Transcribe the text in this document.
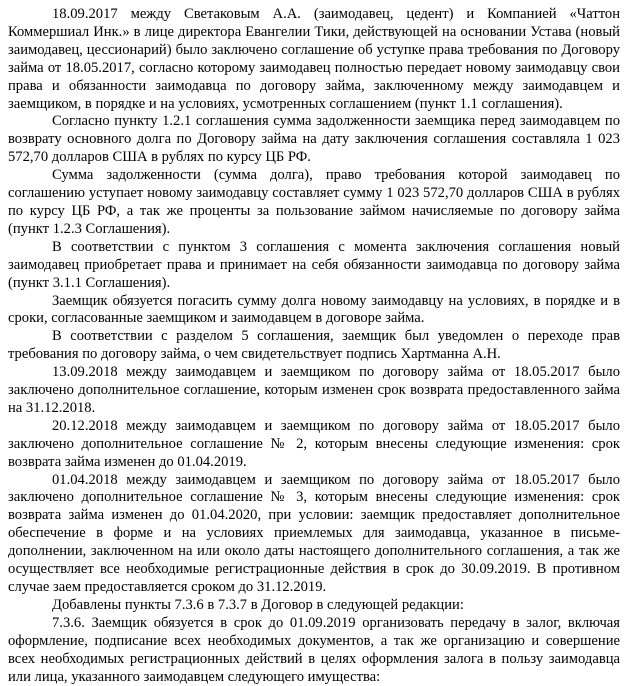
18.09.2017 между Светаковым А.А. (заимодавец, цедент) и Компанией «Чаттон Коммершиал Инк.» в лице директора Евангелии Тики, действующей на основании Устава (новый заимодавец, цессионарий) было заключено соглашение об уступке права требования по Договору займа от 18.05.2017, согласно которому заимодавец полностью передает новому заимодавцу свои права и обязанности заимодавца по договору займа, заключенному между заимодавцем и заемщиком, в порядке и на условиях, усмотренных соглашением (пункт 1.1 соглашения).

Согласно пункту 1.2.1 соглашения сумма задолженности заемщика перед заимодавцем по возврату основного долга по Договору займа на дату заключения соглашения составляла 1 023 572,70 долларов США в рублях по курсу ЦБ РФ.

Сумма задолженности (сумма долга), право требования которой заимодавец по соглашению уступает новому заимодавцу составляет сумму 1 023 572,70 долларов США в рублях по курсу ЦБ РФ, а так же проценты за пользование займом начисляемые по договору займа (пункт 1.2.3 Соглашения).

В соответствии с пунктом 3 соглашения с момента заключения соглашения новый заимодавец приобретает права и принимает на себя обязанности заимодавца по договору займа (пункт 3.1.1 Соглашения).

Заемщик обязуется погасить сумму долга новому заимодавцу на условиях, в порядке и в сроки, согласованные заемщиком и заимодавцем в договоре займа.

В соответствии с разделом 5 соглашения, заемщик был уведомлен о переходе прав требования по договору займа, о чем свидетельствует подпись Хартманна А.Н.

13.09.2018 между заимодавцем и заемщиком по договору займа от 18.05.2017 было заключено дополнительное соглашение, которым изменен срок возврата предоставленного займа на 31.12.2018.

20.12.2018 между заимодавцем и заемщиком по договору займа от 18.05.2017 было заключено дополнительное соглашение № 2, которым внесены следующие изменения: срок возврата займа изменен до 01.04.2019.

01.04.2018 между заимодавцем и заемщиком по договору займа от 18.05.2017 было заключено дополнительное соглашение № 3, которым внесены следующие изменения: срок возврата займа изменен до 01.04.2020, при условии: заемщик предоставляет дополнительное обеспечение в форме и на условиях приемлемых для заимодавца, указанное в письме-дополнении, заключенном на или около даты настоящего дополнительного соглашения, а так же осуществляет все необходимые регистрационные действия в срок до 30.09.2019. В противном случае заем предоставляется сроком до 31.12.2019.

Добавлены пункты 7.3.6 в 7.3.7 в Договор в следующей редакции:

7.3.6. Заемщик обязуется в срок до 01.09.2019 организовать передачу в залог, включая оформление, подписание всех необходимых документов, а так же организацию и совершение всех необходимых регистрационных действий в целях оформления залога в пользу заимодавца или лица, указанного заимодавцем следующего имущества:
